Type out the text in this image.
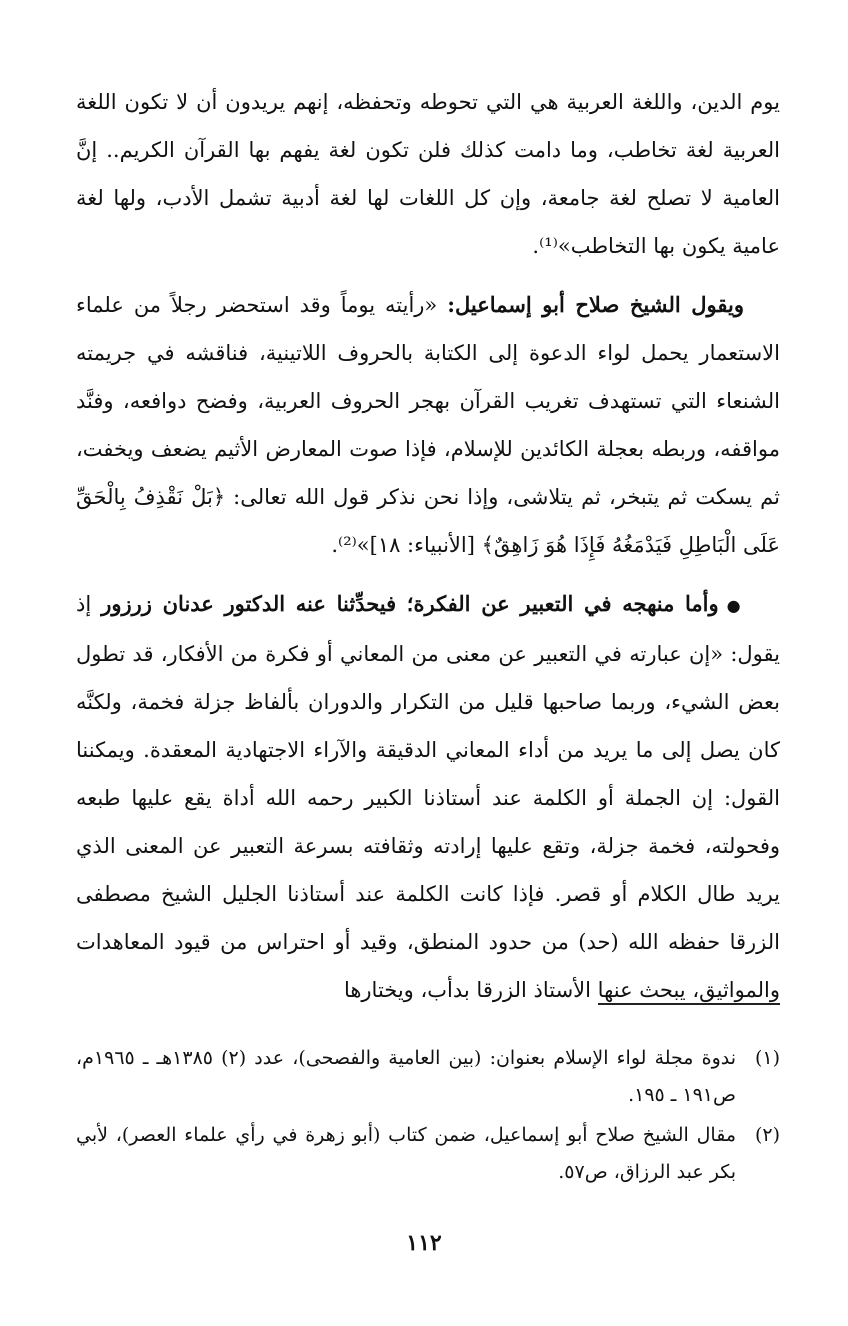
يوم الدين، واللغة العربية هي التي تحوطه وتحفظه، إنهم يريدون أن لا تكون اللغة العربية لغة تخاطب، وما دامت كذلك فلن تكون لغة يفهم بها القرآن الكريم.. إنَّ العامية لا تصلح لغة جامعة، وإن كل اللغات لها لغة أدبية تشمل الأدب، ولها لغة عامية يكون بها التخاطب»⁽¹⁾.

ويقول الشيخ صلاح أبو إسماعيل: «رأيته يوماً وقد استحضر رجلاً من علماء الاستعمار يحمل لواء الدعوة إلى الكتابة بالحروف اللاتينية، فناقشه في جريمته الشنعاء التي تستهدف تغريب القرآن بهجر الحروف العربية، وفضح دوافعه، وفنَّد مواقفه، وربطه بعجلة الكائدين للإسلام، فإذا صوت المعارض الأثيم يضعف ويخفت، ثم يسكت ثم يتبخر، ثم يتلاشى، وإذا نحن نذكر قول الله تعالى: ﴿بَلْ نَقْذِفُ بِالْحَقِّ عَلَى الْبَاطِلِ فَيَدْمَغُهُ فَإِذَا هُوَ زَاهِقٌ﴾ [الأنبياء: ١٨]»⁽²⁾.

●وأما منهجه في التعبير عن الفكرة؛ فيحدِّثنا عنه الدكتور عدنان زرزور إذ يقول: «إن عبارته في التعبير عن معنى من المعاني أو فكرة من الأفكار، قد تطول بعض الشيء، وربما صاحبها قليل من التكرار والدوران بألفاظ جزلة فخمة، ولكنَّه كان يصل إلى ما يريد من أداء المعاني الدقيقة والآراء الاجتهادية المعقدة. ويمكننا القول: إن الجملة أو الكلمة عند أستاذنا الكبير رحمه الله أداة يقع عليها طبعه وفحولته، فخمة جزلة، وتقع عليها إرادته وثقافته بسرعة التعبير عن المعنى الذي يريد طال الكلام أو قصر. فإذا كانت الكلمة عند أستاذنا الجليل الشيخ مصطفى الزرقا حفظه الله (حد) من حدود المنطق، وقيد أو احتراس من قيود المعاهدات والمواثيق، يبحث عنها الأستاذ الزرقا بدأب، ويختارها

(١)
ندوة مجلة لواء الإسلام بعنوان: (بين العامية والفصحى)، عدد (٢) ١٣٨٥هـ ـ ١٩٦٥م، ص١٩١ ـ ١٩٥.
(٢)
مقال الشيخ صلاح أبو إسماعيل، ضمن كتاب (أبو زهرة في رأي علماء العصر)، لأبي بكر عبد الرزاق، ص٥٧.
١١٢
